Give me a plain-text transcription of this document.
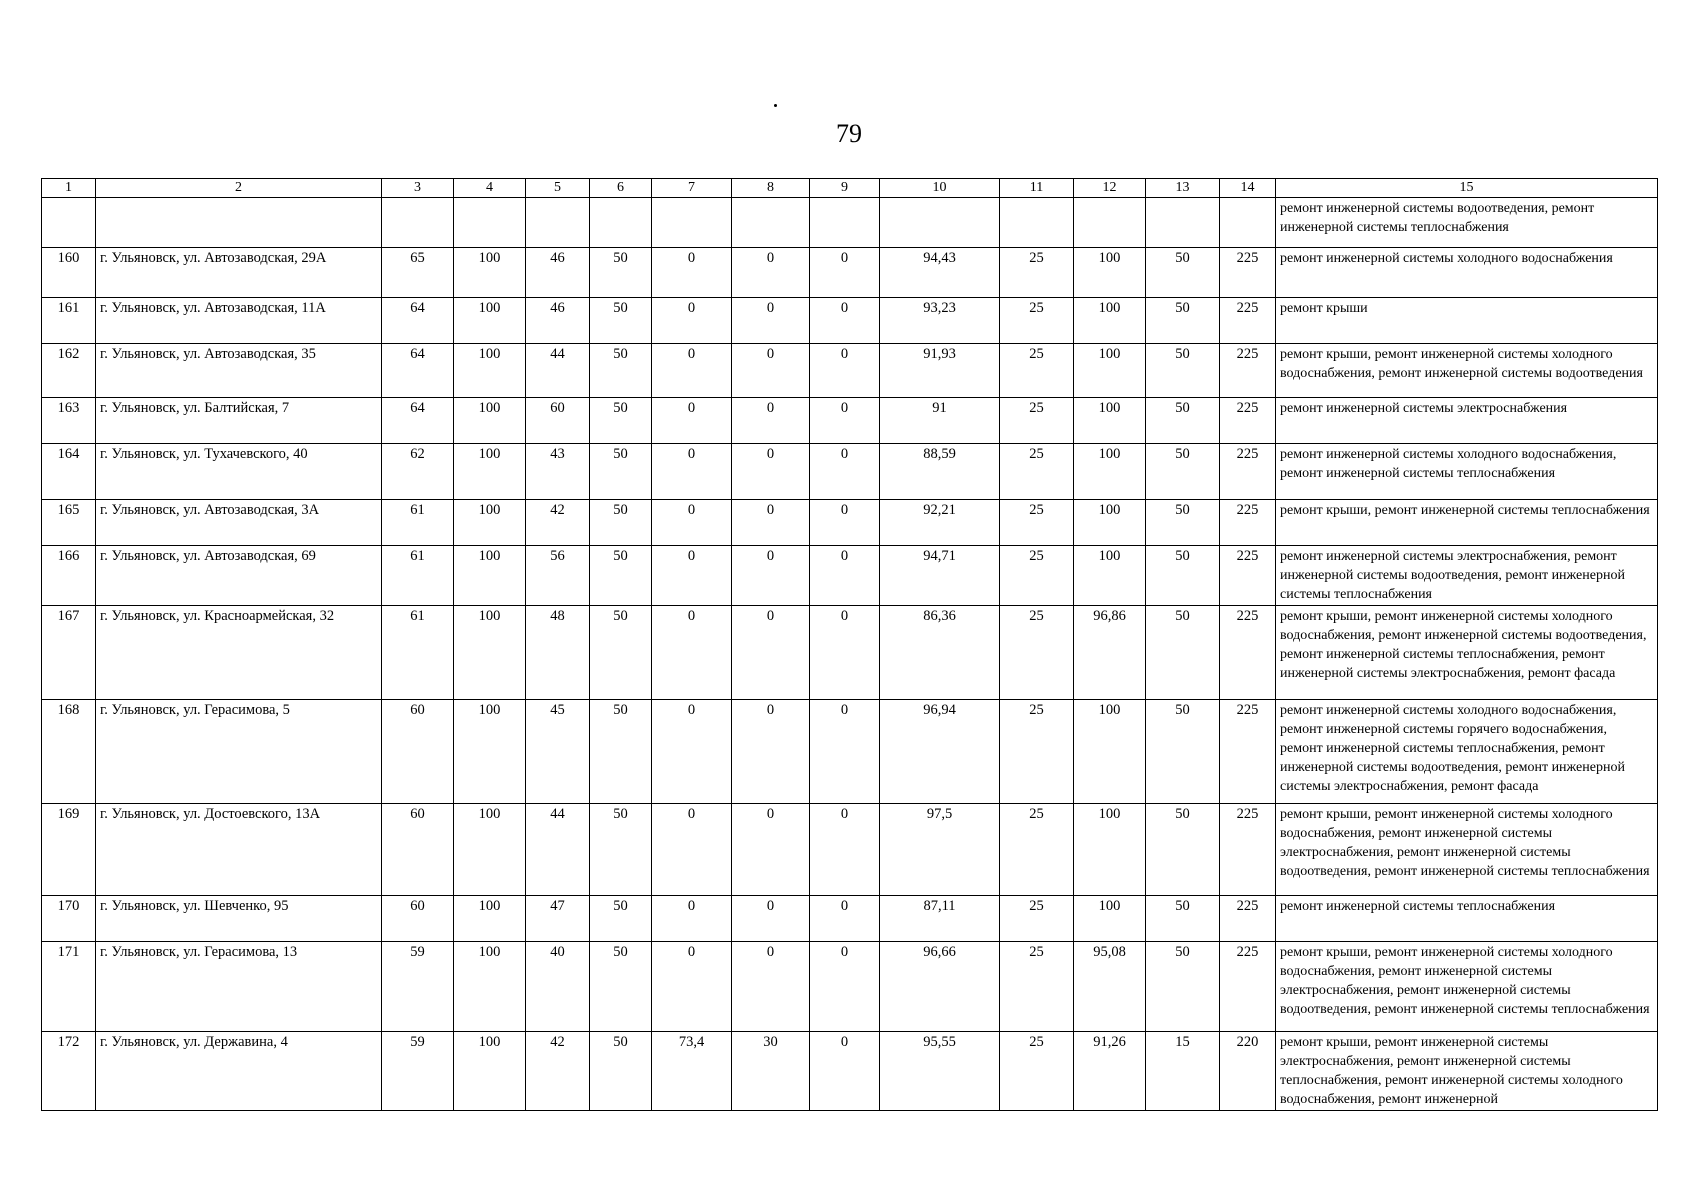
79
1	2	3	4	5	6	7	8	9	10	11	12	13	14	15
														ремонт инженерной системы водоотведения, ремонт инженерной системы теплоснабжения
160	г. Ульяновск, ул. Автозаводская, 29А	65	100	46	50	0	0	0	94,43	25	100	50	225	ремонт инженерной системы холодного водоснабжения
161	г. Ульяновск, ул. Автозаводская, 11А	64	100	46	50	0	0	0	93,23	25	100	50	225	ремонт крыши
162	г. Ульяновск, ул. Автозаводская, 35	64	100	44	50	0	0	0	91,93	25	100	50	225	ремонт крыши, ремонт инженерной системы холодного водоснабжения, ремонт инженерной системы водоотведения
163	г. Ульяновск, ул. Балтийская, 7	64	100	60	50	0	0	0	91	25	100	50	225	ремонт инженерной системы электроснабжения
164	г. Ульяновск, ул. Тухачевского, 40	62	100	43	50	0	0	0	88,59	25	100	50	225	ремонт инженерной системы холодного водоснабжения, ремонт инженерной системы теплоснабжения
165	г. Ульяновск, ул. Автозаводская, 3А	61	100	42	50	0	0	0	92,21	25	100	50	225	ремонт крыши, ремонт инженерной системы теплоснабжения
166	г. Ульяновск, ул. Автозаводская, 69	61	100	56	50	0	0	0	94,71	25	100	50	225	ремонт инженерной системы электроснабжения, ремонт инженерной системы водоотведения, ремонт инженерной системы теплоснабжения
167	г. Ульяновск, ул. Красноармейская, 32	61	100	48	50	0	0	0	86,36	25	96,86	50	225	ремонт крыши, ремонт инженерной системы холодного водоснабжения, ремонт инженерной системы водоотведения, ремонт инженерной системы теплоснабжения, ремонт инженерной системы электроснабжения, ремонт фасада
168	г. Ульяновск, ул. Герасимова, 5	60	100	45	50	0	0	0	96,94	25	100	50	225	ремонт инженерной системы холодного водоснабжения, ремонт инженерной системы горячего водоснабжения, ремонт инженерной системы теплоснабжения, ремонт инженерной системы водоотведения, ремонт инженерной системы электроснабжения, ремонт фасада
169	г. Ульяновск, ул. Достоевского, 13А	60	100	44	50	0	0	0	97,5	25	100	50	225	ремонт крыши, ремонт инженерной системы холодного водоснабжения, ремонт инженерной системы электроснабжения, ремонт инженерной системы водоотведения, ремонт инженерной системы теплоснабжения
170	г. Ульяновск, ул. Шевченко, 95	60	100	47	50	0	0	0	87,11	25	100	50	225	ремонт инженерной системы теплоснабжения
171	г. Ульяновск, ул. Герасимова, 13	59	100	40	50	0	0	0	96,66	25	95,08	50	225	ремонт крыши, ремонт инженерной системы холодного водоснабжения, ремонт инженерной системы электроснабжения, ремонт инженерной системы водоотведения, ремонт инженерной системы теплоснабжения
172	г. Ульяновск, ул. Державина, 4	59	100	42	50	73,4	30	0	95,55	25	91,26	15	220	ремонт крыши, ремонт инженерной системы электроснабжения, ремонт инженерной системы теплоснабжения, ремонт инженерной системы холодного водоснабжения, ремонт инженерной
